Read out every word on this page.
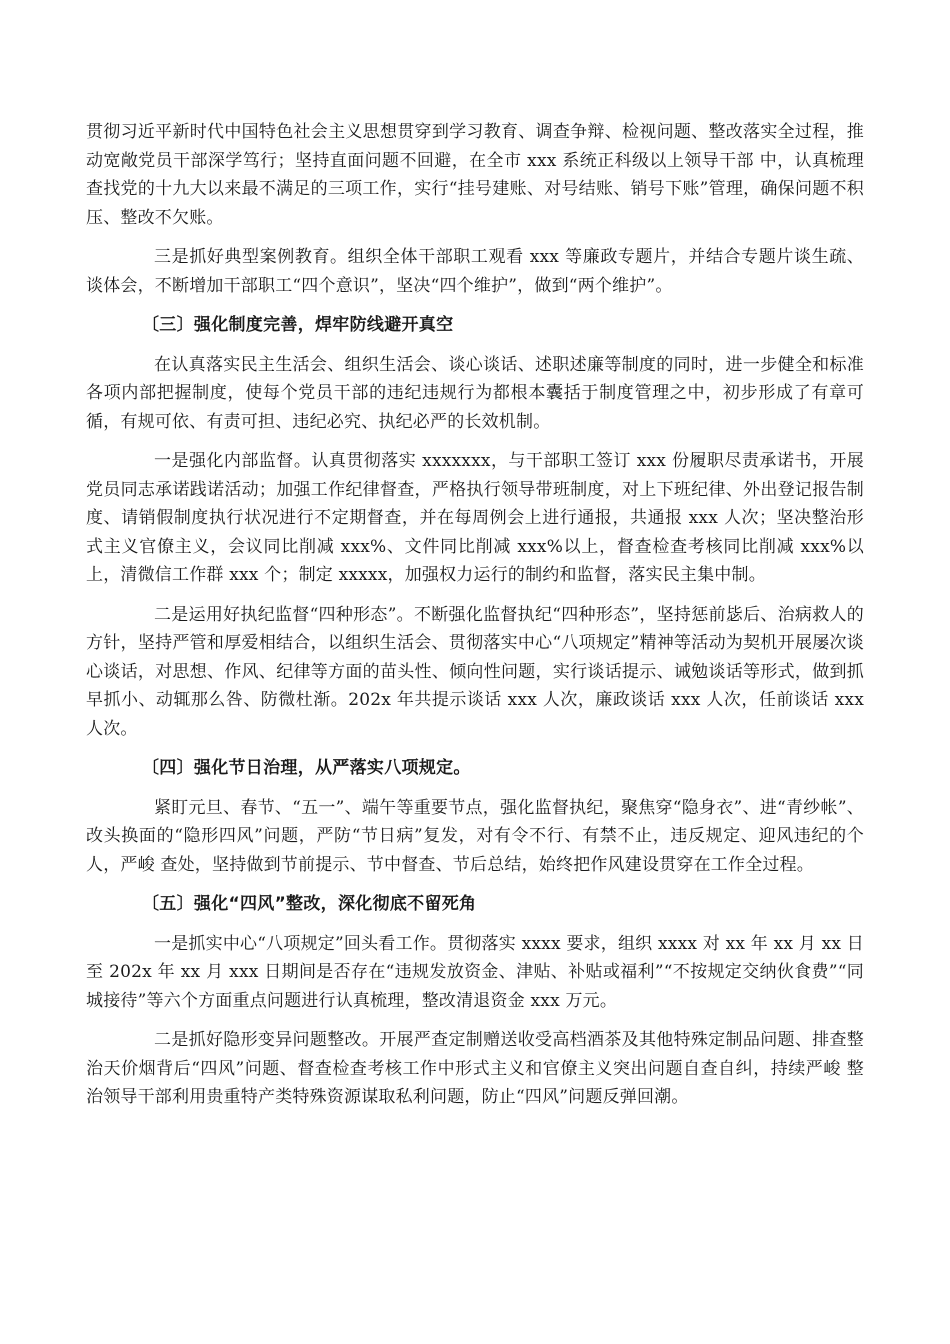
贯彻习近平新时代中国特色社会主义思想贯穿到学习教育、调查争辩、检视问题、整改落实全过程，推动宽敞党员干部深学笃行；坚持直面问题不回避，在全市 xxx 系统正科级以上领导干部 中，认真梳理查找党的十九大以来最不满足的三项工作，实行“挂号建账、对号结账、销号下账”管理，确保问题不积压、整改不欠账。

三是抓好典型案例教育。组织全体干部职工观看 xxx 等廉政专题片，并结合专题片谈生疏、谈体会，不断增加干部职工“四个意识”，坚决“四个维护”，做到“两个维护”。

〔三〕强化制度完善，焊牢防线避开真空

在认真落实民主生活会、组织生活会、谈心谈话、述职述廉等制度的同时，进一步健全和标准各项内部把握制度，使每个党员干部的违纪违规行为都根本囊括于制度管理之中，初步形成了有章可循，有规可依、有责可担、违纪必究、执纪必严的长效机制。

一是强化内部监督。认真贯彻落实 xxxxxxx，与干部职工签订 xxx 份履职尽责承诺书，开展党员同志承诺践诺活动；加强工作纪律督查，严格执行领导带班制度，对上下班纪律、外出登记报告制度、请销假制度执行状况进行不定期督查，并在每周例会上进行通报，共通报 xxx 人次；坚决整治形式主义官僚主义，会议同比削减 xxx%、文件同比削减 xxx%以上，督查检查考核同比削减 xxx%以上，清微信工作群 xxx 个；制定 xxxxx，加强权力运行的制约和监督，落实民主集中制。

二是运用好执纪监督“四种形态”。不断强化监督执纪“四种形态”，坚持惩前毖后、治病救人的方针，坚持严管和厚爱相结合，以组织生活会、贯彻落实中心“八项规定”精神等活动为契机开展屡次谈心谈话，对思想、作风、纪律等方面的苗头性、倾向性问题，实行谈话提示、诫勉谈话等形式，做到抓早抓小、动辄那么咎、防微杜渐。202x 年共提示谈话 xxx 人次，廉政谈话 xxx 人次，任前谈话 xxx 人次。

〔四〕强化节日治理，从严落实八项规定。

紧盯元旦、春节、“五一”、端午等重要节点，强化监督执纪，聚焦穿“隐身衣”、进“青纱帐”、改头换面的“隐形四风”问题，严防“节日病”复发，对有令不行、有禁不止，违反规定、迎风违纪的个人，严峻 查处，坚持做到节前提示、节中督查、节后总结，始终把作风建设贯穿在工作全过程。

〔五〕强化“四风”整改，深化彻底不留死角

一是抓实中心“八项规定”回头看工作。贯彻落实 xxxx 要求，组织 xxxx 对 xx 年 xx 月 xx 日至 202x 年 xx 月 xxx 日期间是否存在“违规发放资金、津贴、补贴或福利”“不按规定交纳伙食费”“同城接待”等六个方面重点问题进行认真梳理，整改清退资金 xxx 万元。

二是抓好隐形变异问题整改。开展严查定制赠送收受高档酒茶及其他特殊定制品问题、排查整治天价烟背后“四风”问题、督查检查考核工作中形式主义和官僚主义突出问题自查自纠，持续严峻 整治领导干部利用贵重特产类特殊资源谋取私利问题，防止“四风”问题反弹回潮。
